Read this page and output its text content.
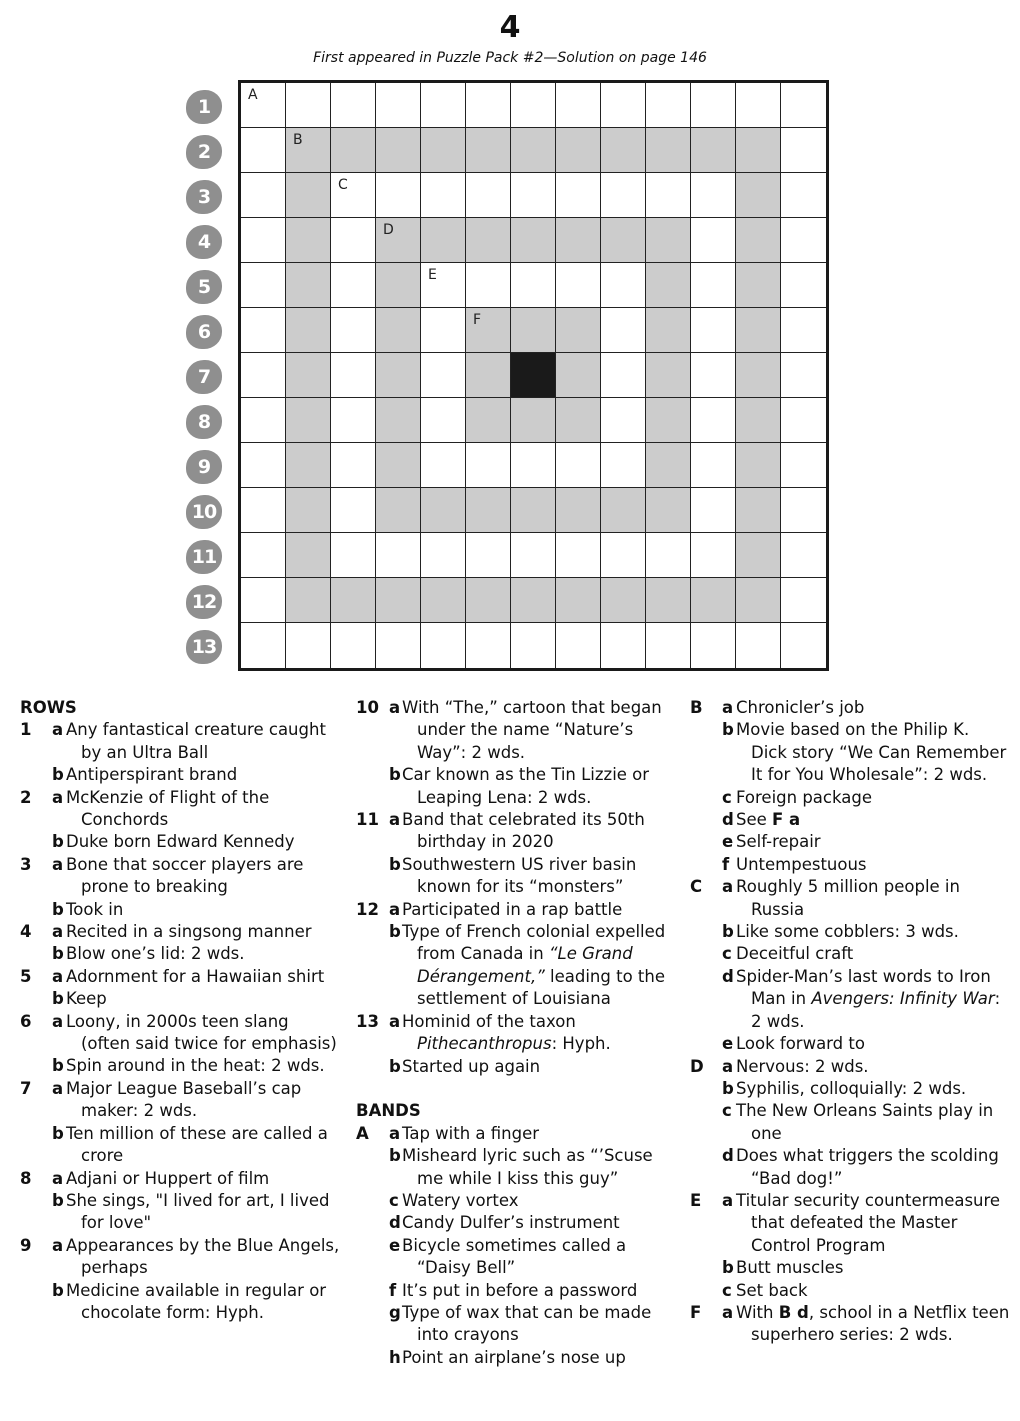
4
First appeared in Puzzle Pack #2—Solution on page 146
1
2
3
4
5
6
7
8
9
10
11
12
13
A
B
C
D
E
F
ROWS
1	a Any fantastical creature caught by an Ultra Ball
b Antiperspirant brand
2	a McKenzie of Flight of the Conchords
b Duke born Edward Kennedy
3	a Bone that soccer players are prone to breaking
b Took in
4	a Recited in a singsong manner
b Blow one’s lid: 2 wds.
5	a Adornment for a Hawaiian shirt
b Keep
6	a Loony, in 2000s teen slang (often said twice for emphasis)
b Spin around in the heat: 2 wds.
7	a Major League Baseball’s cap maker: 2 wds.
b Ten million of these are called a crore
8	a Adjani or Huppert of film
b She sings, "I lived for art, I lived for love"
9	a Appearances by the Blue Angels, perhaps
b Medicine available in regular or chocolate form: Hyph.
10 a With “The,” cartoon that began under the name “Nature’s Way”: 2 wds.
b Car known as the Tin Lizzie or Leaping Lena: 2 wds.
11 a Band that celebrated its 50th birthday in 2020
b Southwestern US river basin known for its “monsters”
12 a Participated in a rap battle
b Type of French colonial expelled from Canada in “Le Grand Dérangement,” leading to the settlement of Louisiana
13 a Hominid of the taxon Pithecanthropus: Hyph.
b Started up again
BANDS
A	a Tap with a finger
b Misheard lyric such as “’Scuse me while I kiss this guy”
c Watery vortex
d Candy Dulfer’s instrument
e Bicycle sometimes called a “Daisy Bell”
f It’s put in before a password
g Type of wax that can be made into crayons
h Point an airplane’s nose up
B	a Chronicler’s job
b Movie based on the Philip K. Dick story “We Can Remember It for You Wholesale”: 2 wds.
c Foreign package
d See F a
e Self-repair
f Untempestuous
C	a Roughly 5 million people in Russia
b Like some cobblers: 3 wds.
c Deceitful craft
d Spider-Man’s last words to Iron Man in Avengers: Infinity War: 2 wds.
e Look forward to
D	a Nervous: 2 wds.
b Syphilis, colloquially: 2 wds.
c The New Orleans Saints play in one
d Does what triggers the scolding “Bad dog!”
E	a Titular security countermeasure that defeated the Master Control Program
b Butt muscles
c Set back
F	a With B d, school in a Netflix teen superhero series: 2 wds.
